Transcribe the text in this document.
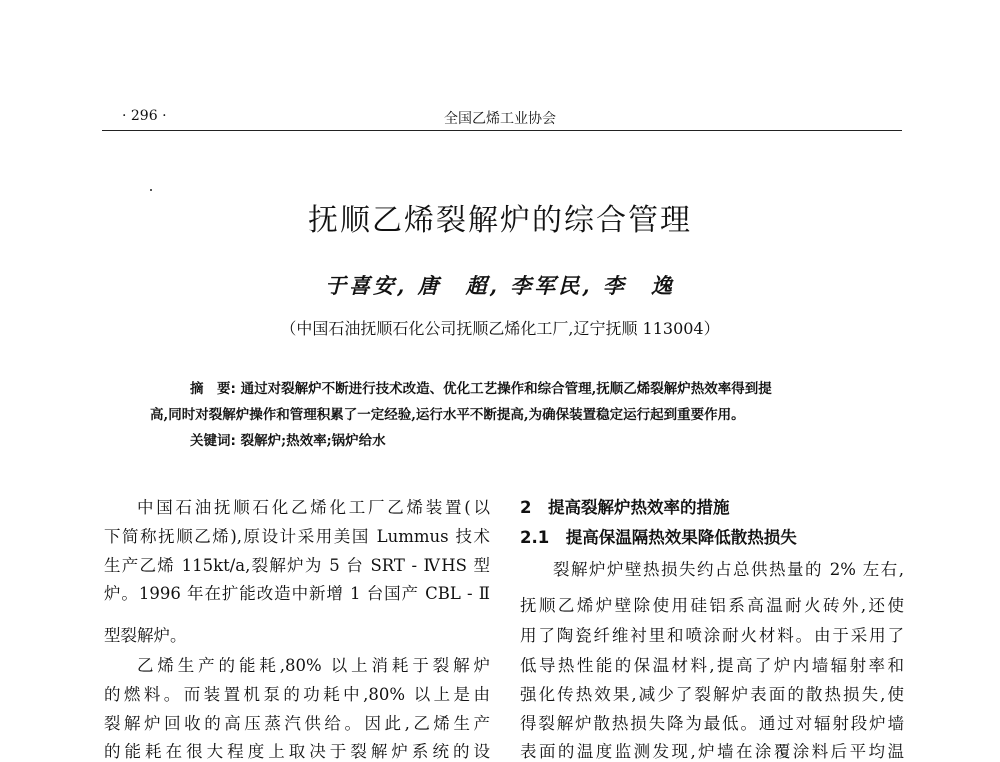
· 296 ·	全国乙烯工业协会
抚顺乙烯裂解炉的综合管理
于喜安, 唐　超, 李军民, 李　逸
（中国石油抚顺石化公司抚顺乙烯化工厂,辽宁抚顺 113004）
摘　要: 通过对裂解炉不断进行技术改造、优化工艺操作和综合管理,抚顺乙烯裂解炉热效率得到提
高,同时对裂解炉操作和管理积累了一定经验,运行水平不断提高,为确保装置稳定运行起到重要作用。
关键词: 裂解炉;热效率;锅炉给水
中国石油抚顺石化乙烯化工厂乙烯装置(以
下简称抚顺乙烯),原设计采用美国 Lummus 技术
生产乙烯 115kt/a,裂解炉为 5 台 SRT - ⅣHS 型
炉。1996 年在扩能改造中新增 1 台国产 CBL - Ⅱ
型裂解炉。
乙烯生产的能耗,80% 以上消耗于裂解炉
的燃料。而装置机泵的功耗中,80% 以上是由
裂解炉回收的高压蒸汽供给。因此,乙烯生产
的能耗在很大程度上取决于裂解炉系统的设
2　提高裂解炉热效率的措施
2.1　提高保温隔热效果降低散热损失
裂解炉炉壁热损失约占总供热量的 2% 左右,
抚顺乙烯炉壁除使用硅铝系高温耐火砖外,还使
用了陶瓷纤维衬里和喷涂耐火材料。由于采用了
低导热性能的保温材料,提高了炉内墙辐射率和
强化传热效果,减少了裂解炉表面的散热损失,使
得裂解炉散热损失降为最低。通过对辐射段炉墙
表面的温度监测发现,炉墙在涂覆涂料后平均温
